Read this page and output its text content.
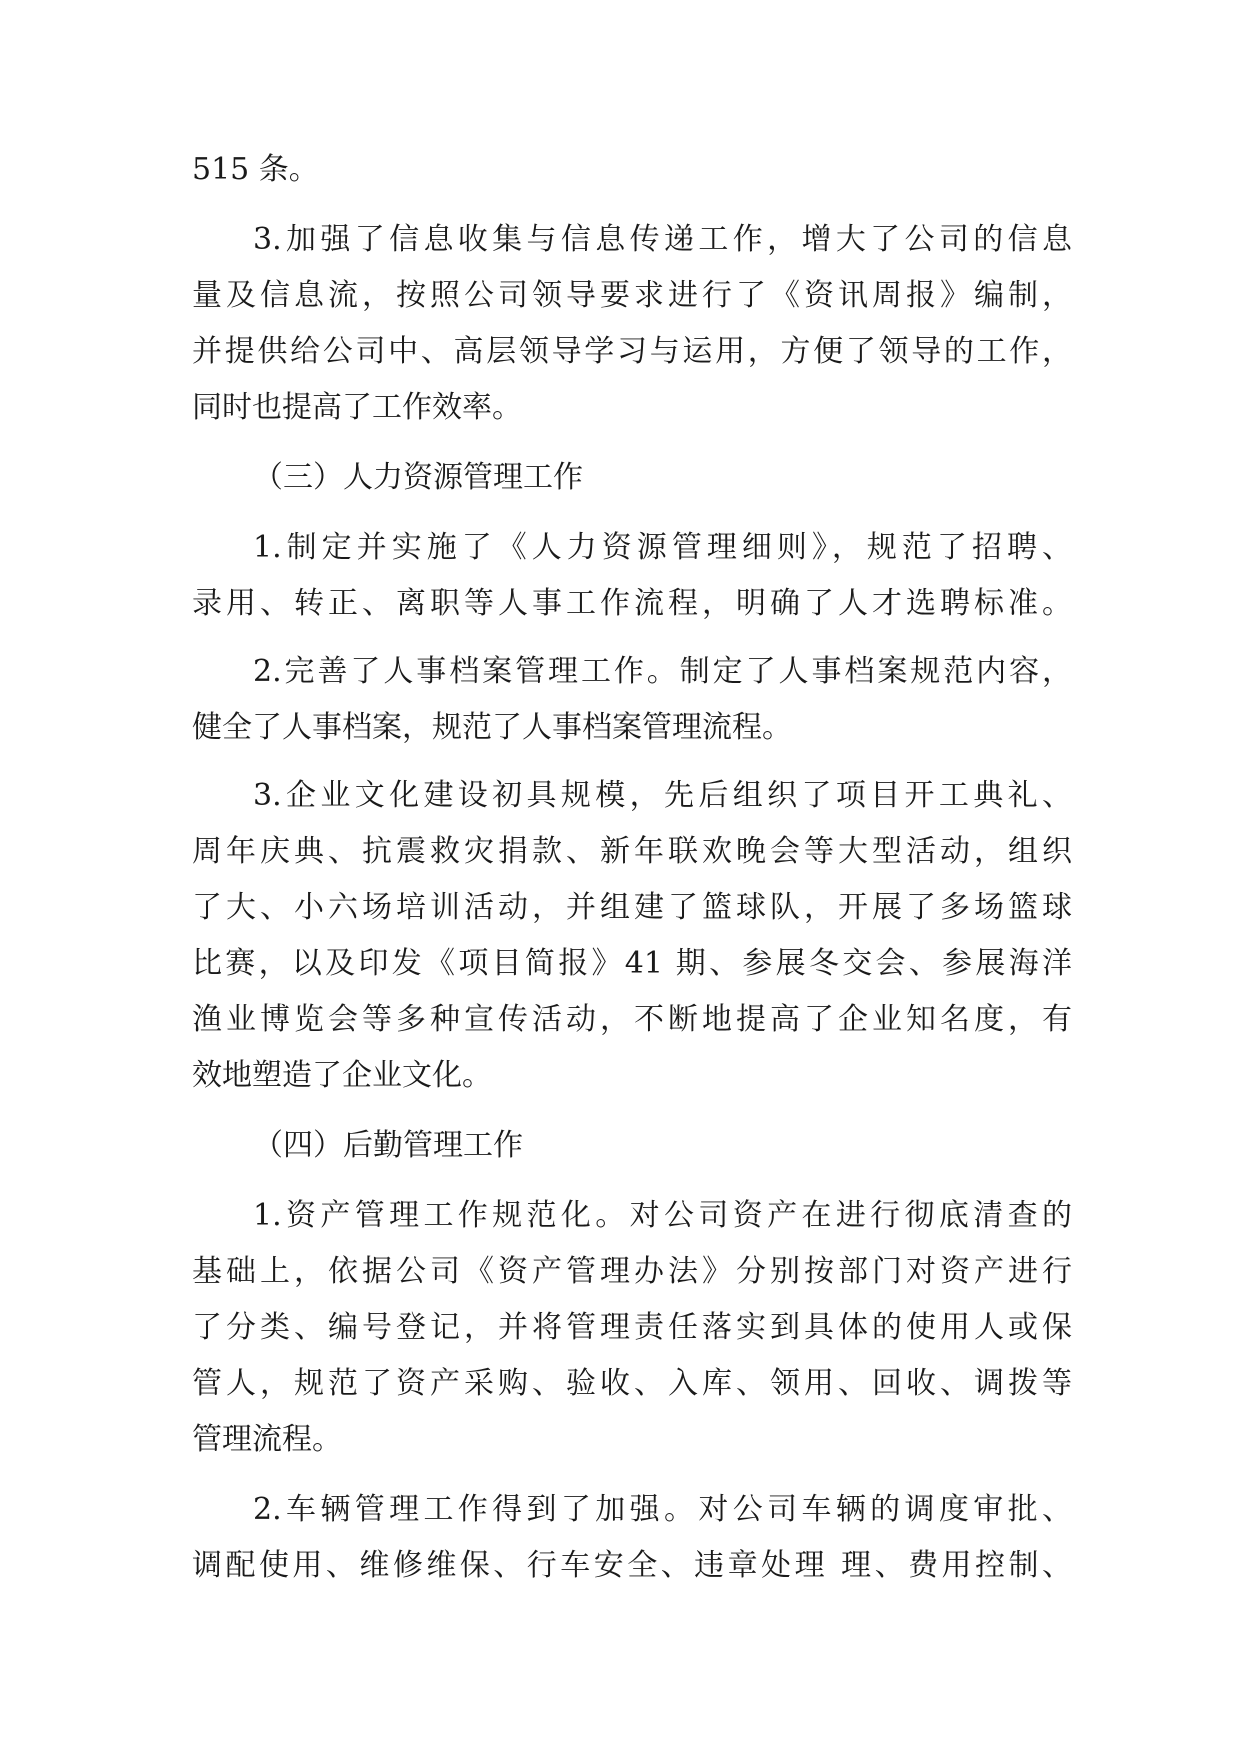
515 条。
3.加强了信息收集与信息传递工作，增大了公司的信息
量及信息流，按照公司领导要求进行了《资讯周报》编制，
并提供给公司中、高层领导学习与运用，方便了领导的工作，
同时也提高了工作效率。
（三）人力资源管理工作
1.制定并实施了《人力资源管理细则》，规范了招聘、
录用、转正、离职等人事工作流程，明确了人才选聘标准。
2.完善了人事档案管理工作。制定了人事档案规范内容，
健全了人事档案，规范了人事档案管理流程。
3.企业文化建设初具规模，先后组织了项目开工典礼、
周年庆典、抗震救灾捐款、新年联欢晚会等大型活动，组织
了大、小六场培训活动，并组建了篮球队，开展了多场篮球
比赛，以及印发《项目简报》41 期、参展冬交会、参展海洋
渔业博览会等多种宣传活动，不断地提高了企业知名度，有
效地塑造了企业文化。
（四）后勤管理工作
1.资产管理工作规范化。对公司资产在进行彻底清查的
基础上，依据公司《资产管理办法》分别按部门对资产进行
了分类、编号登记，并将管理责任落实到具体的使用人或保
管人，规范了资产采购、验收、入库、领用、回收、调拨等
管理流程。
2.车辆管理工作得到了加强。对公司车辆的调度审批、
调配使用、维修维保、行车安全、违章处理 理、费用控制、
